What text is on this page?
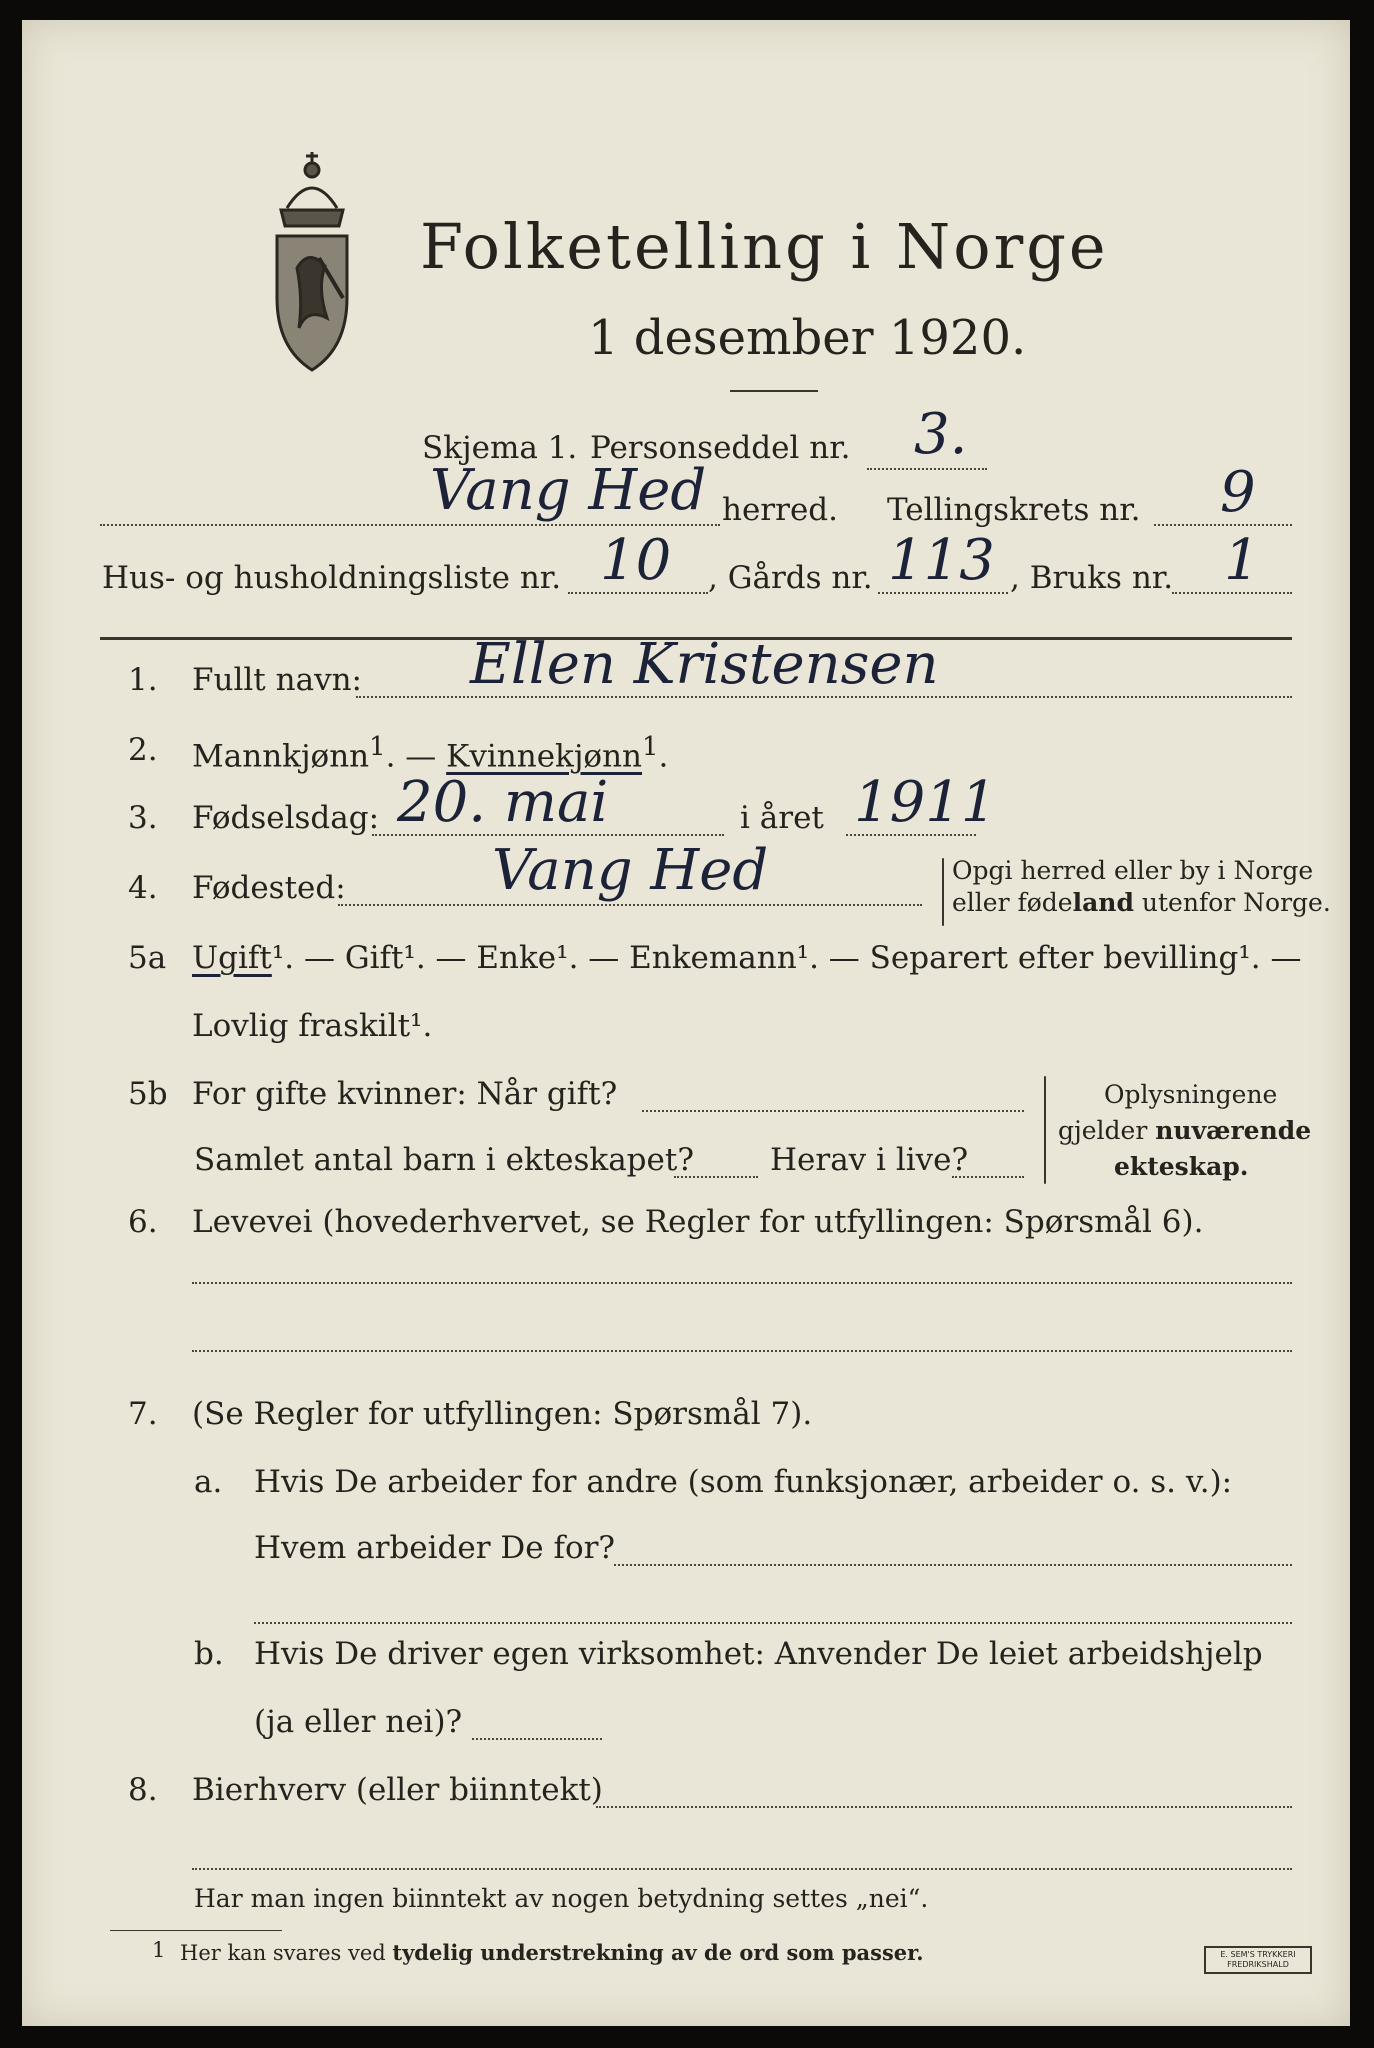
Folketelling i Norge
1 desember 1920.
Skjema 1. Personseddel nr. 3.
Vang Hed herred. Tellingskrets nr. 9
Hus- og husholdningsliste nr. 10 , Gårds nr. 113 , Bruks nr. 1
1. Fullt navn: Ellen Kristensen
2. Mannkjønn$^1$. — Kvinnekjønn$^1$.
3. Fødselsdag: 20. mai	i året 1911
4. Fødested:	Vang Hed	Opgi herred eller by i Norge
eller fødeland utenfor Norge.
5a Ugift¹. — Gift¹. — Enke¹. — Enkemann¹. — Separert efter bevilling¹. —
Lovlig fraskilt¹.
5b For gifte kvinner: Når gift?
Samlet antal barn i ekteskapet? Herav i live?
Oplysningene
gjelder nuværende
ekteskap.
6. Levevei (hovederhvervet, se Regler for utfyllingen: Spørsmål 6).
7. (Se Regler for utfyllingen: Spørsmål 7).
a. Hvis De arbeider for andre (som funksjonær, arbeider o. s. v.):
Hvem arbeider De for?
b. Hvis De driver egen virksomhet: Anvender De leiet arbeidshjelp
(ja eller nei)?
8. Bierhverv (eller biinntekt)
Har man ingen biinntekt av nogen betydning settes „nei“.
1 Her kan svares ved tydelig understrekning av de ord som passer.	E. SEM'S TRYKKERI
FREDRIKSHALD
